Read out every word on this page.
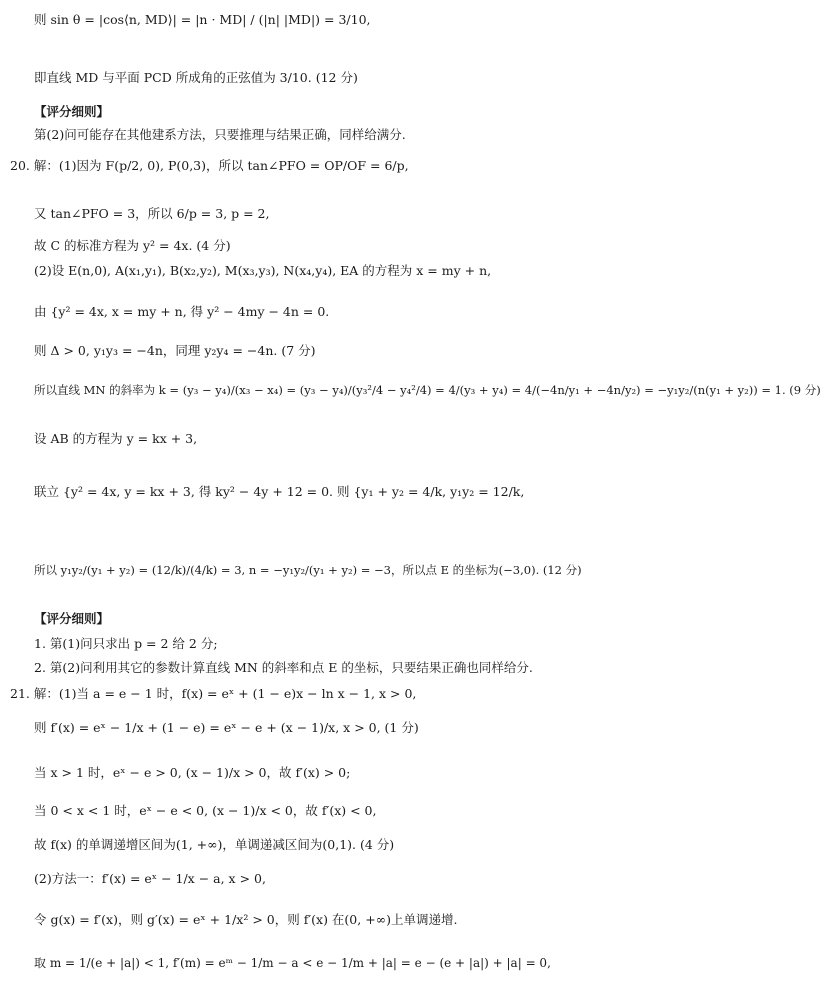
则 sin θ = |cos⟨n, MD⟩| = |n · MD| / (|n| |MD|) = 3/10,
即直线 MD 与平面 PCD 所成角的正弦值为 3/10. (12 分)
【评分细则】
第(2)问可能存在其他建系方法，只要推理与结果正确，同样给满分.
20. 解：(1)因为 F(p/2, 0), P(0,3)，所以 tan∠PFO = OP/OF = 6/p,
又 tan∠PFO = 3，所以 6/p = 3, p = 2,
故 C 的标准方程为 y² = 4x. (4 分)
(2)设 E(n,0), A(x₁,y₁), B(x₂,y₂), M(x₃,y₃), N(x₄,y₄), EA 的方程为 x = my + n,
由 {y² = 4x, x = my + n, 得 y² − 4my − 4n = 0.
则 Δ > 0, y₁y₃ = −4n，同理 y₂y₄ = −4n. (7 分)
所以直线 MN 的斜率为 k = (y₃ − y₄)/(x₃ − x₄) = (y₃ − y₄)/(y₃²/4 − y₄²/4) = 4/(y₃ + y₄) = 4/(−4n/y₁ + −4n/y₂) = −y₁y₂/(n(y₁ + y₂)) = 1. (9 分)
设 AB 的方程为 y = kx + 3,
联立 {y² = 4x, y = kx + 3, 得 ky² − 4y + 12 = 0. 则 {y₁ + y₂ = 4/k, y₁y₂ = 12/k,
所以 y₁y₂/(y₁ + y₂) = (12/k)/(4/k) = 3, n = −y₁y₂/(y₁ + y₂) = −3，所以点 E 的坐标为(−3,0). (12 分)
【评分细则】
1. 第(1)问只求出 p = 2 给 2 分;
2. 第(2)问利用其它的参数计算直线 MN 的斜率和点 E 的坐标，只要结果正确也同样给分.
21. 解：(1)当 a = e − 1 时，f(x) = eˣ + (1 − e)x − ln x − 1, x > 0,
则 f′(x) = eˣ − 1/x + (1 − e) = eˣ − e + (x − 1)/x, x > 0, (1 分)
当 x > 1 时，eˣ − e > 0, (x − 1)/x > 0，故 f′(x) > 0;
当 0 < x < 1 时，eˣ − e < 0, (x − 1)/x < 0，故 f′(x) < 0,
故 f(x) 的单调递增区间为(1, +∞)，单调递减区间为(0,1). (4 分)
(2)方法一：f′(x) = eˣ − 1/x − a, x > 0,
令 g(x) = f′(x)，则 g′(x) = eˣ + 1/x² > 0，则 f′(x) 在(0, +∞)上单调递增.
取 m = 1/(e + |a|) < 1, f′(m) = eᵐ − 1/m − a < e − 1/m + |a| = e − (e + |a|) + |a| = 0,
